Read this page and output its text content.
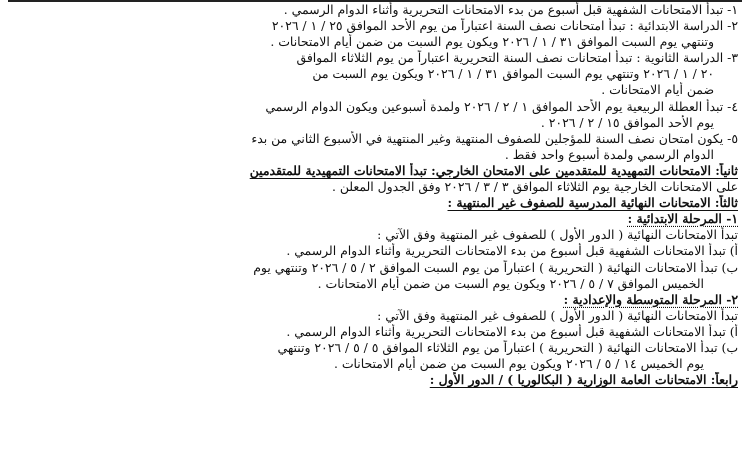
١- تبدأ الامتحانات الشفهية قبل أسبوع من بدء الامتحانات التحريرية وأثناء الدوام الرسمي .
٢- الدراسة الابتدائية : تبدأ امتحانات نصف السنة اعتباراً من يوم الأحد الموافق ٢٥ / ١ / ٢٠٢٦
وتنتهي يوم السبت الموافق ٣١ / ١ / ٢٠٢٦ ويكون يوم السبت من ضمن أيام الامتحانات .
٣- الدراسة الثانوية : تبدأ امتحانات نصف السنة التحريرية اعتباراً من يوم الثلاثاء الموافق
٢٠ / ١ / ٢٠٢٦ وتنتهي يوم السبت الموافق ٣١ / ١ / ٢٠٢٦ ويكون يوم السبت من
ضمن أيام الامتحانات .
٤- تبدأ العطلة الربيعية يوم الأحد الموافق ١ / ٢ / ٢٠٢٦ ولمدة أسبوعين ويكون الدوام الرسمي
يوم الأحد الموافق ١٥ / ٢ / ٢٠٢٦ .
٥- يكون امتحان نصف السنة للمؤجلين للصفوف المنتهية وغير المنتهية في الأسبوع الثاني من بدء
الدوام الرسمي ولمدة أسبوع واحد فقط .
ثانياً: الامتحانات التمهيدية للمتقدمين على الامتحان الخارجي: تبدأ الامتحانات التمهيدية للمتقدمين
على الامتحانات الخارجية يوم الثلاثاء الموافق ٣ / ٣ / ٢٠٢٦ وفق الجدول المعلن .
ثالثاً: الامتحانات النهائية المدرسية للصفوف غير المنتهية :
١- المرحلة الابتدائية :
تبدأ الامتحانات النهائية ( الدور الأول ) للصفوف غير المنتهية وفق الآتي :
أ) تبدأ الامتحانات الشفهية قبل أسبوع من بدء الامتحانات التحريرية وأثناء الدوام الرسمي .
ب) تبدأ الامتحانات النهائية ( التحريرية ) اعتباراً من يوم السبت الموافق ٢ / ٥ / ٢٠٢٦ وتنتهي يوم
الخميس الموافق ٧ / ٥ / ٢٠٢٦ ويكون يوم السبت من ضمن أيام الامتحانات .
٢- المرحلة المتوسطة والإعدادية :
تبدأ الامتحانات النهائية ( الدور الأول ) للصفوف غير المنتهية وفق الآتي :
أ) تبدأ الامتحانات الشفهية قبل أسبوع من بدء الامتحانات التحريرية وأثناء الدوام الرسمي .
ب) تبدأ الامتحانات النهائية ( التحريرية ) اعتباراً من يوم الثلاثاء الموافق ٥ / ٥ / ٢٠٢٦ وتنتهي
يوم الخميس ١٤ / ٥ / ٢٠٢٦ ويكون يوم السبت من ضمن أيام الامتحانات .
رابعاً: الامتحانات العامة الوزارية ( البكالوريا ) / الدور الأول :
